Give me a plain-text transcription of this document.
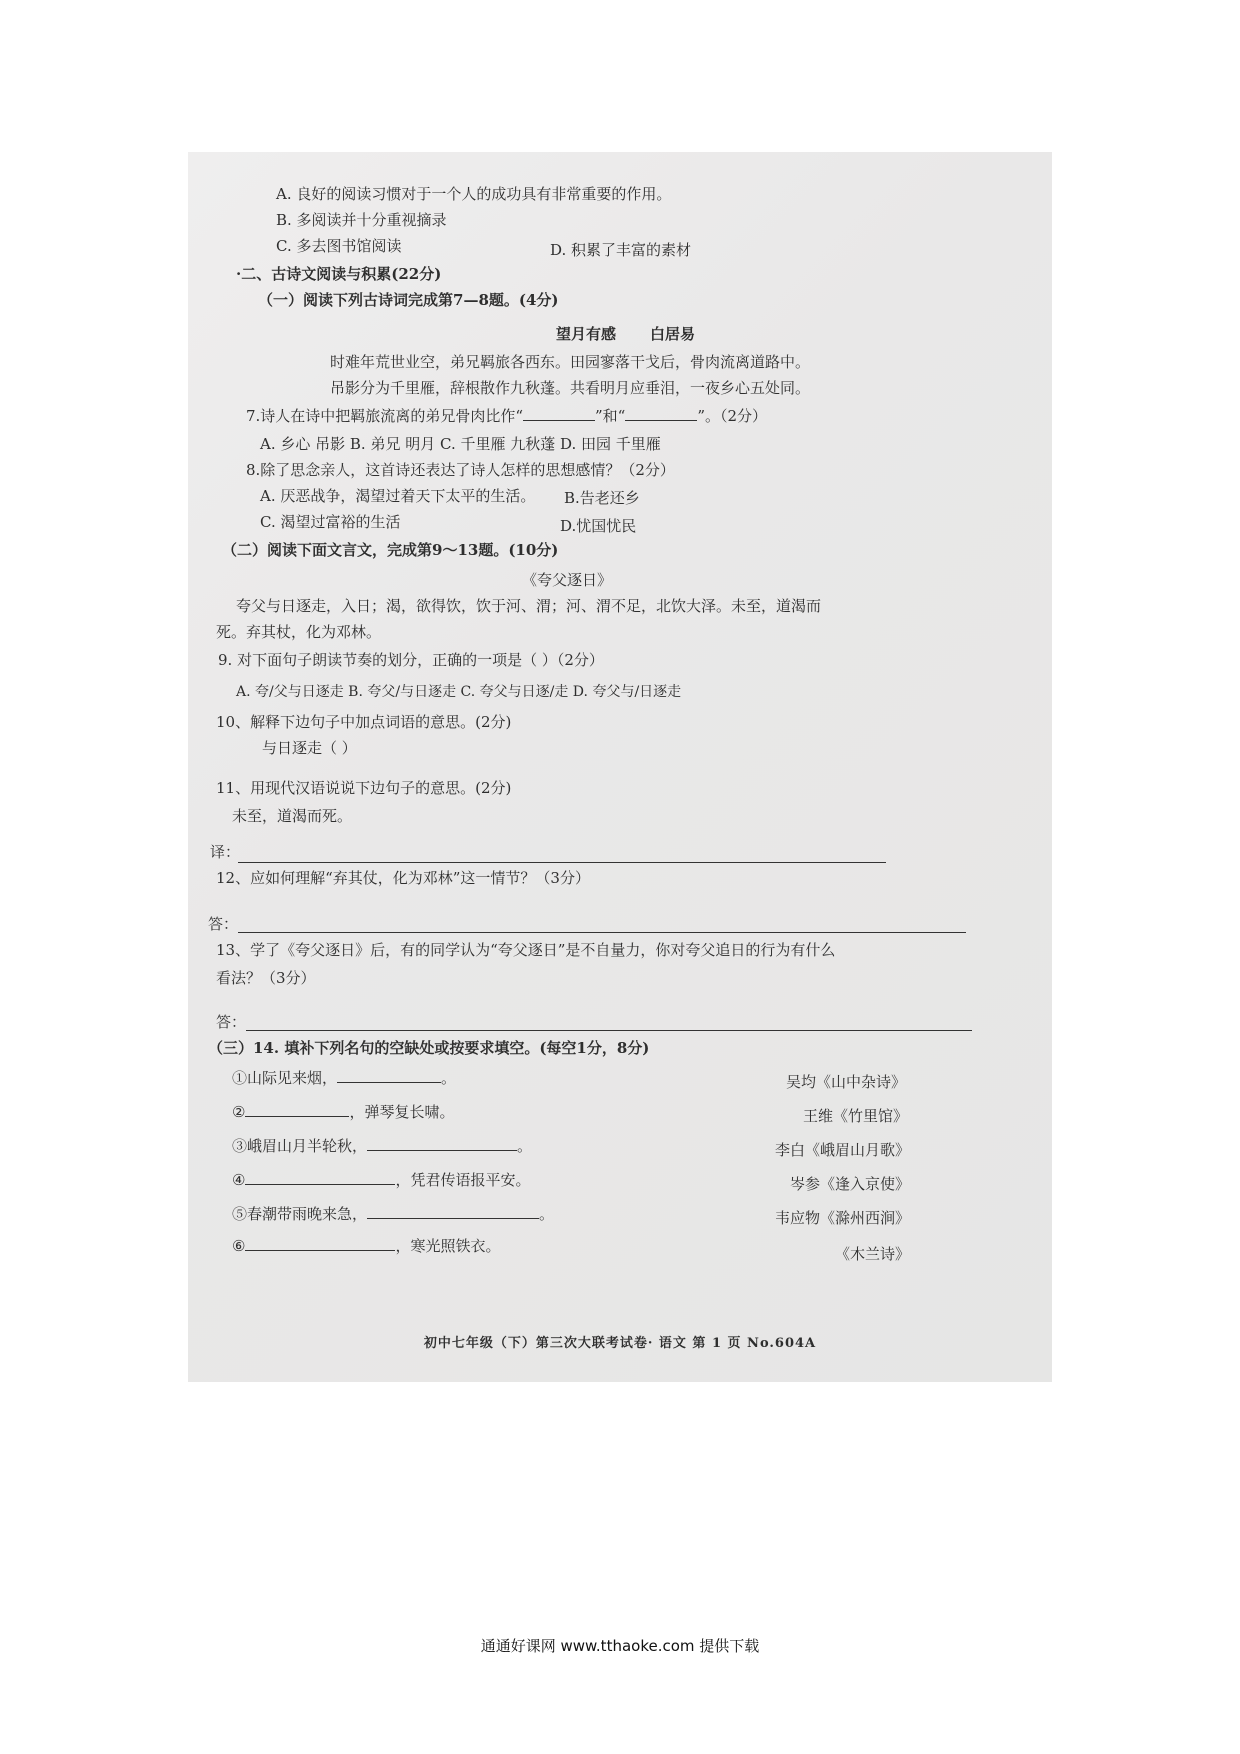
A. 良好的阅读习惯对于一个人的成功具有非常重要的作用。
B. 多阅读并十分重视摘录
C. 多去图书馆阅读	D. 积累了丰富的素材
·二、古诗文阅读与积累(22分)
（一）阅读下列古诗词完成第7—8题。(4分)
望月有感 白居易
时难年荒世业空，弟兄羁旅各西东。田园寥落干戈后，骨肉流离道路中。
吊影分为千里雁，辞根散作九秋蓬。共看明月应垂泪，一夜乡心五处同。
7.诗人在诗中把羁旅流离的弟兄骨肉比作“	”和“	”。（2分）
A. 乡心 吊影 B. 弟兄 明月 C. 千里雁 九秋蓬 D. 田园 千里雁
8.除了思念亲人，这首诗还表达了诗人怎样的思想感情？（2分）
A. 厌恶战争，渴望过着天下太平的生活。 B.告老还乡
C. 渴望过富裕的生活	D.忧国忧民
（二）阅读下面文言文，完成第9～13题。(10分)
《夸父逐日》
夸父与日逐走，入日；渴，欲得饮，饮于河、渭；河、渭不足，北饮大泽。未至，道渴而
死。弃其杖，化为邓林。
9. 对下面句子朗读节奏的划分，正确的一项是（ ）（2分）
A. 夸/父与日逐走 B. 夸父/与日逐走 C. 夸父与日逐/走 D. 夸父与/日逐走
10、解释下边句子中加点词语的意思。(2分)
与日逐走（ ）
11、用现代汉语说说下边句子的意思。(2分)
未至，道渴而死。
译：
12、应如何理解“弃其仗，化为邓林”这一情节？（3分）
答：
13、学了《夸父逐日》后，有的同学认为“夸父逐日”是不自量力，你对夸父追日的行为有什么
看法？（3分）
答：
（三）14. 填补下列名句的空缺处或按要求填空。(每空1分，8分)
①山际见来烟，	。	吴均《山中杂诗》
②	，弹琴复长啸。	王维《竹里馆》
③峨眉山月半轮秋，	。	李白《峨眉山月歌》
④	，凭君传语报平安。	岑参《逢入京使》
⑤春潮带雨晚来急，	。	韦应物《滁州西涧》
⑥	，寒光照铁衣。	《木兰诗》
初中七年级（下）第三次大联考试卷· 语文 第 1 页 No.604A
通通好课网 www.tthaoke.com 提供下载
